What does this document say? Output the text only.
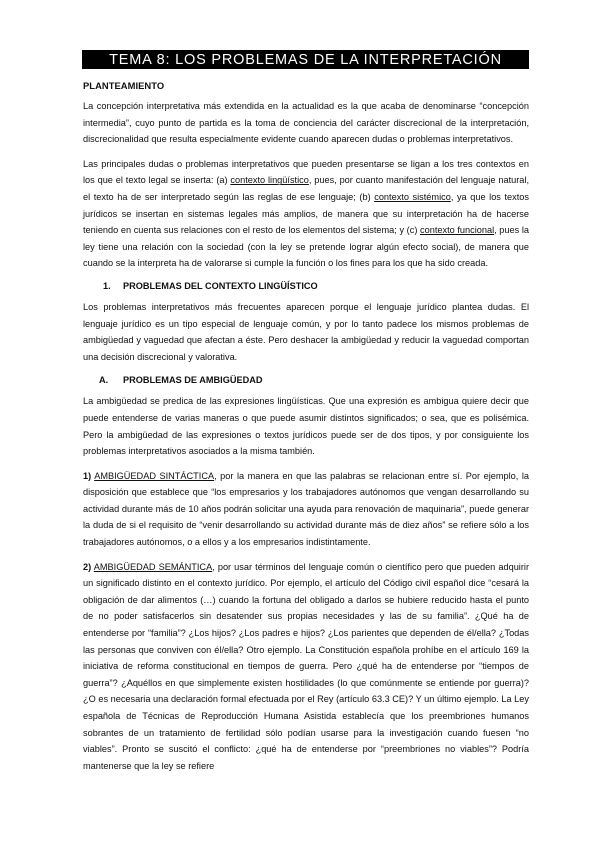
TEMA 8: LOS PROBLEMAS DE LA INTERPRETACIÓN
PLANTEAMIENTO

La concepción interpretativa más extendida en la actualidad es la que acaba de denominarse “concepción intermedia”, cuyo punto de partida es la toma de conciencia del carácter discrecional de la interpretación, discrecionalidad que resulta especialmente evidente cuando aparecen dudas o problemas interpretativos.

Las principales dudas o problemas interpretativos que pueden presentarse se ligan a los tres contextos en los que el texto legal se inserta: (a) contexto lingüístico, pues, por cuanto manifestación del lenguaje natural, el texto ha de ser interpretado según las reglas de ese lenguaje; (b) contexto sistémico, ya que los textos jurídicos se insertan en sistemas legales más amplios, de manera que su interpretación ha de hacerse teniendo en cuenta sus relaciones con el resto de los elementos del sistema; y (c) contexto funcional, pues la ley tiene una relación con la sociedad (con la ley se pretende lograr algún efecto social), de manera que cuando se la interpreta ha de valorarse si cumple la función o los fines para los que ha sido creada.

1. PROBLEMAS DEL CONTEXTO LINGÜÍSTICO

Los problemas interpretativos más frecuentes aparecen porque el lenguaje jurídico plantea dudas. El lenguaje jurídico es un tipo especial de lenguaje común, y por lo tanto padece los mismos problemas de ambigüedad y vaguedad que afectan a éste. Pero deshacer la ambigüedad y reducir la vaguedad comportan una decisión discrecional y valorativa.

A. PROBLEMAS DE AMBIGÜEDAD

La ambigüedad se predica de las expresiones lingüísticas. Que una expresión es ambigua quiere decir que puede entenderse de varias maneras o que puede asumir distintos significados; o sea, que es polisémica. Pero la ambigüedad de las expresiones o textos jurídicos puede ser de dos tipos, y por consiguiente los problemas interpretativos asociados a la misma también.

1) AMBIGÜEDAD SINTÁCTICA, por la manera en que las palabras se relacionan entre sí. Por ejemplo, la disposición que establece que “los empresarios y los trabajadores autónomos que vengan desarrollando su actividad durante más de 10 años podrán solicitar una ayuda para renovación de maquinaria”, puede generar la duda de si el requisito de “venir desarrollando su actividad durante más de diez años” se refiere sólo a los trabajadores autónomos, o a ellos y a los empresarios indistintamente.

2) AMBIGÜEDAD SEMÁNTICA, por usar términos del lenguaje común o científico pero que pueden adquirir un significado distinto en el contexto jurídico. Por ejemplo, el artículo del Código civil español dice “cesará la obligación de dar alimentos (…) cuando la fortuna del obligado a darlos se hubiere reducido hasta el punto de no poder satisfacerlos sin desatender sus propias necesidades y las de su familia”. ¿Qué ha de entenderse por “familia”? ¿Los hijos? ¿Los padres e hijos? ¿Los parientes que dependen de él/ella? ¿Todas las personas que conviven con él/ella? Otro ejemplo. La Constitución española prohíbe en el artículo 169 la iniciativa de reforma constitucional en tiempos de guerra. Pero ¿qué ha de entenderse por “tiempos de guerra”? ¿Aquéllos en que simplemente existen hostilidades (lo que comúnmente se entiende por guerra)? ¿O es necesaria una declaración formal efectuada por el Rey (artículo 63.3 CE)? Y un último ejemplo. La Ley española de Técnicas de Reproducción Humana Asistida establecía que los preembriones humanos sobrantes de un tratamiento de fertilidad sólo podían usarse para la investigación cuando fuesen “no viables”. Pronto se suscitó el conflicto: ¿qué ha de entenderse por “preembriones no viables”? Podría mantenerse que la ley se refiere
